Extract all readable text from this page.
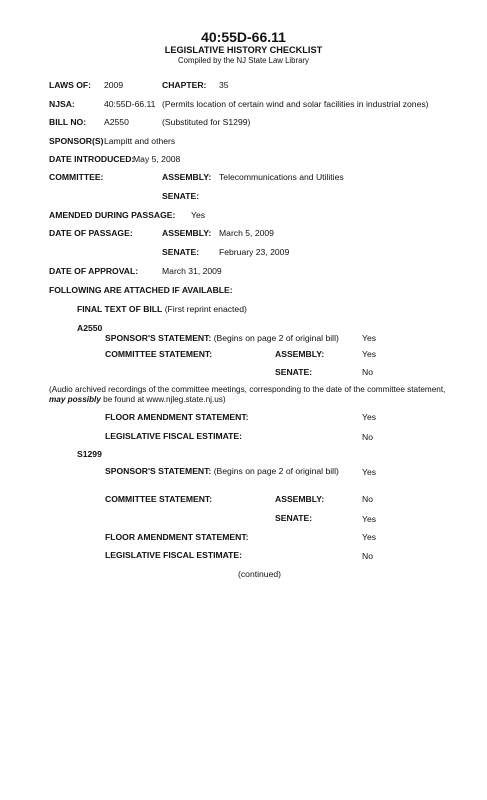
40:55D-66.11
LEGISLATIVE HISTORY CHECKLIST
Compiled by the NJ State Law Library
LAWS OF: 2009	CHAPTER: 35
NJSA:	40:55D-66.11 (Permits location of certain wind and solar facilities in industrial zones)
BILL NO: A2550	(Substituted for S1299)
SPONSOR(S) Lampitt and others
DATE INTRODUCED:
May 5, 2008
COMMITTEE:	ASSEMBLY: Telecommunications and Utilities
SENATE:
AMENDED DURING PASSAGE: Yes
DATE OF PASSAGE:	ASSEMBLY: March 5, 2009
SENATE: February 23, 2009
DATE OF APPROVAL:	March 31, 2009
FOLLOWING ARE ATTACHED IF AVAILABLE:
FINAL TEXT OF BILL (First reprint enacted)
A2550
SPONSOR'S STATEMENT: (Begins on page 2 of original bill)	Yes
COMMITTEE STATEMENT:	ASSEMBLY:	Yes
SENATE:	No
(Audio archived recordings of the committee meetings, corresponding to the date of the committee statement, may possibly be found at www.njleg.state.nj.us)
FLOOR AMENDMENT STATEMENT:	Yes
LEGISLATIVE FISCAL ESTIMATE:	No
S1299
SPONSOR'S STATEMENT: (Begins on page 2 of original bill)	Yes
COMMITTEE STATEMENT:	ASSEMBLY:	No
SENATE:	Yes
FLOOR AMENDMENT STATEMENT:	Yes
LEGISLATIVE FISCAL ESTIMATE:	No
(continued)
